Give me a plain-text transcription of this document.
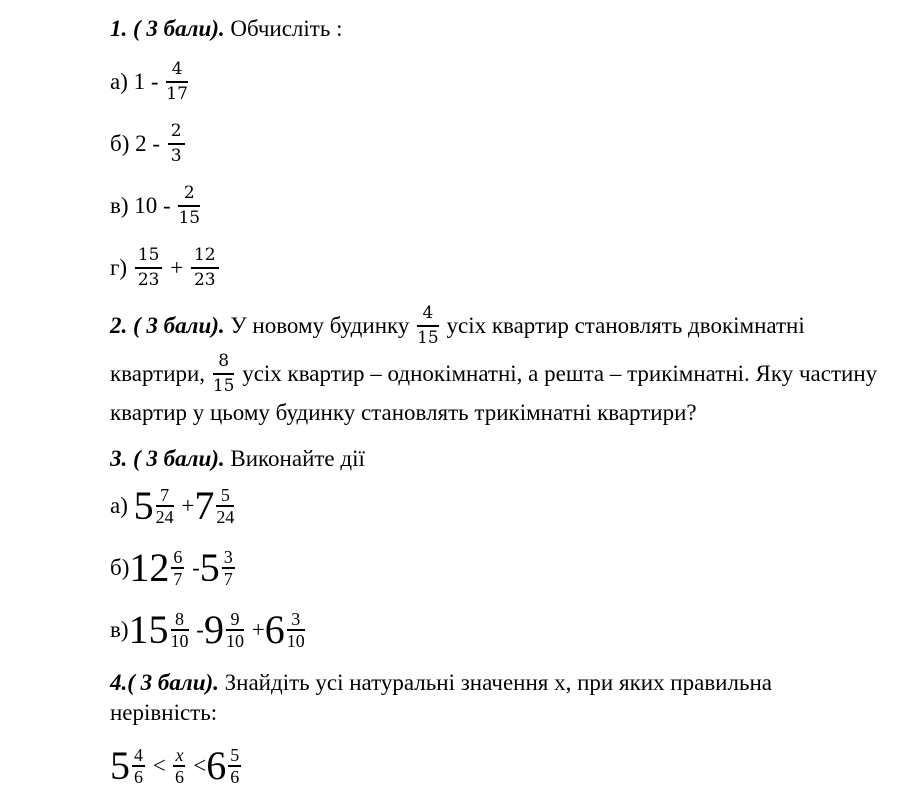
1. ( 3 бали). Обчисліть :
а) $1 - \frac{4}{17}$
б) $2 - \frac{2}{3}$
в) $10 - \frac{2}{15}$
$г) \frac{15}{23} + \frac{12}{23}$
2. ( 3 бали). У новому будинку $\frac{4}{15}$ усіх квартир становлять двокімнатні
квартири, $\frac{8}{15}$ усіх квартир – однокімнатні, а решта – трикімнатні. Яку частину
квартир у цьому будинку становлять трикімнатні квартири?
3. ( 3 бали). Виконайте дії
а) $5 \frac{7}{24} + 7 \frac{5}{24}$
б) $12 \frac{6}{7} - 5 \frac{3}{7}$
в) $15 \frac{8}{10} - 9 \frac{9}{10} + 6 \frac{3}{10}$
4.( 3 бали). Знайдіть усі натуральні значення х, при яких правильна
нерівність:
$5 \frac{4}{6} < \frac{x}{6} < 6 \frac{5}{6}$
